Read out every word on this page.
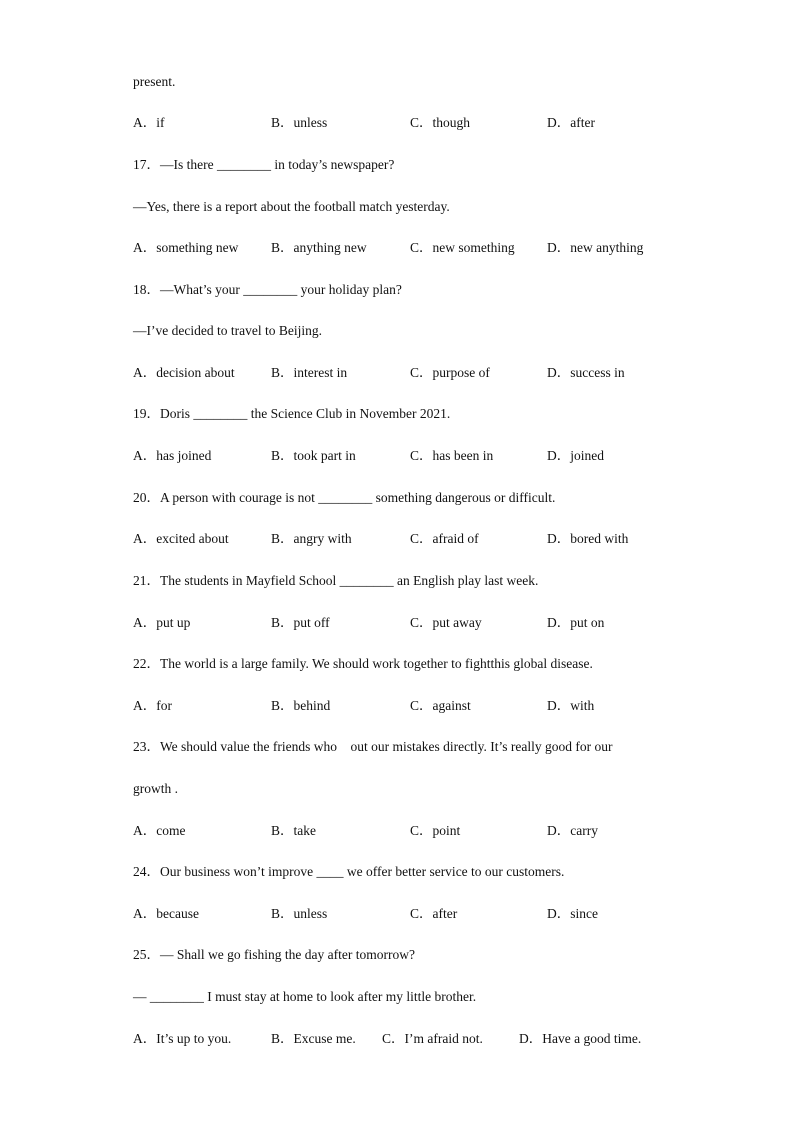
present.
A．if	B．unless	C．though	D．after
17．—Is there ________ in today’s newspaper?
—Yes, there is a report about the football match yesterday.
A．something new B．anything new	C．new something D．new anything
18．—What’s your ________ your holiday plan?
—I’ve decided to travel to Beijing.
A．decision about	B．interest in	C．purpose of	D．success in
19．Doris ________ the Science Club in November 2021.
A．has joined	B．took part in	C．has been in	D．joined
20．A person with courage is not ________ something dangerous or difficult.
A．excited about	B．angry with	C．afraid of	D．bored with
21．The students in Mayfield School ________ an English play last week.
A．put up	B．put off	C．put away	D．put on
22．The world is a large family. We should work together to fightthis global disease.
A．for	B．behind	C．against	D．with
23．We should value the friends who    out our mistakes directly. It’s really good for our
growth .
A．come	B．take	C．point	D．carry
24．Our business won’t improve ____ we offer better service to our customers.
A．because	B．unless	C．after	D．since
25．— Shall we go fishing the day after tomorrow?
— ________ I must stay at home to look after my little brother.
A．It’s up to you.	B．Excuse me. C．I’m afraid not.	D．Have a good time.
